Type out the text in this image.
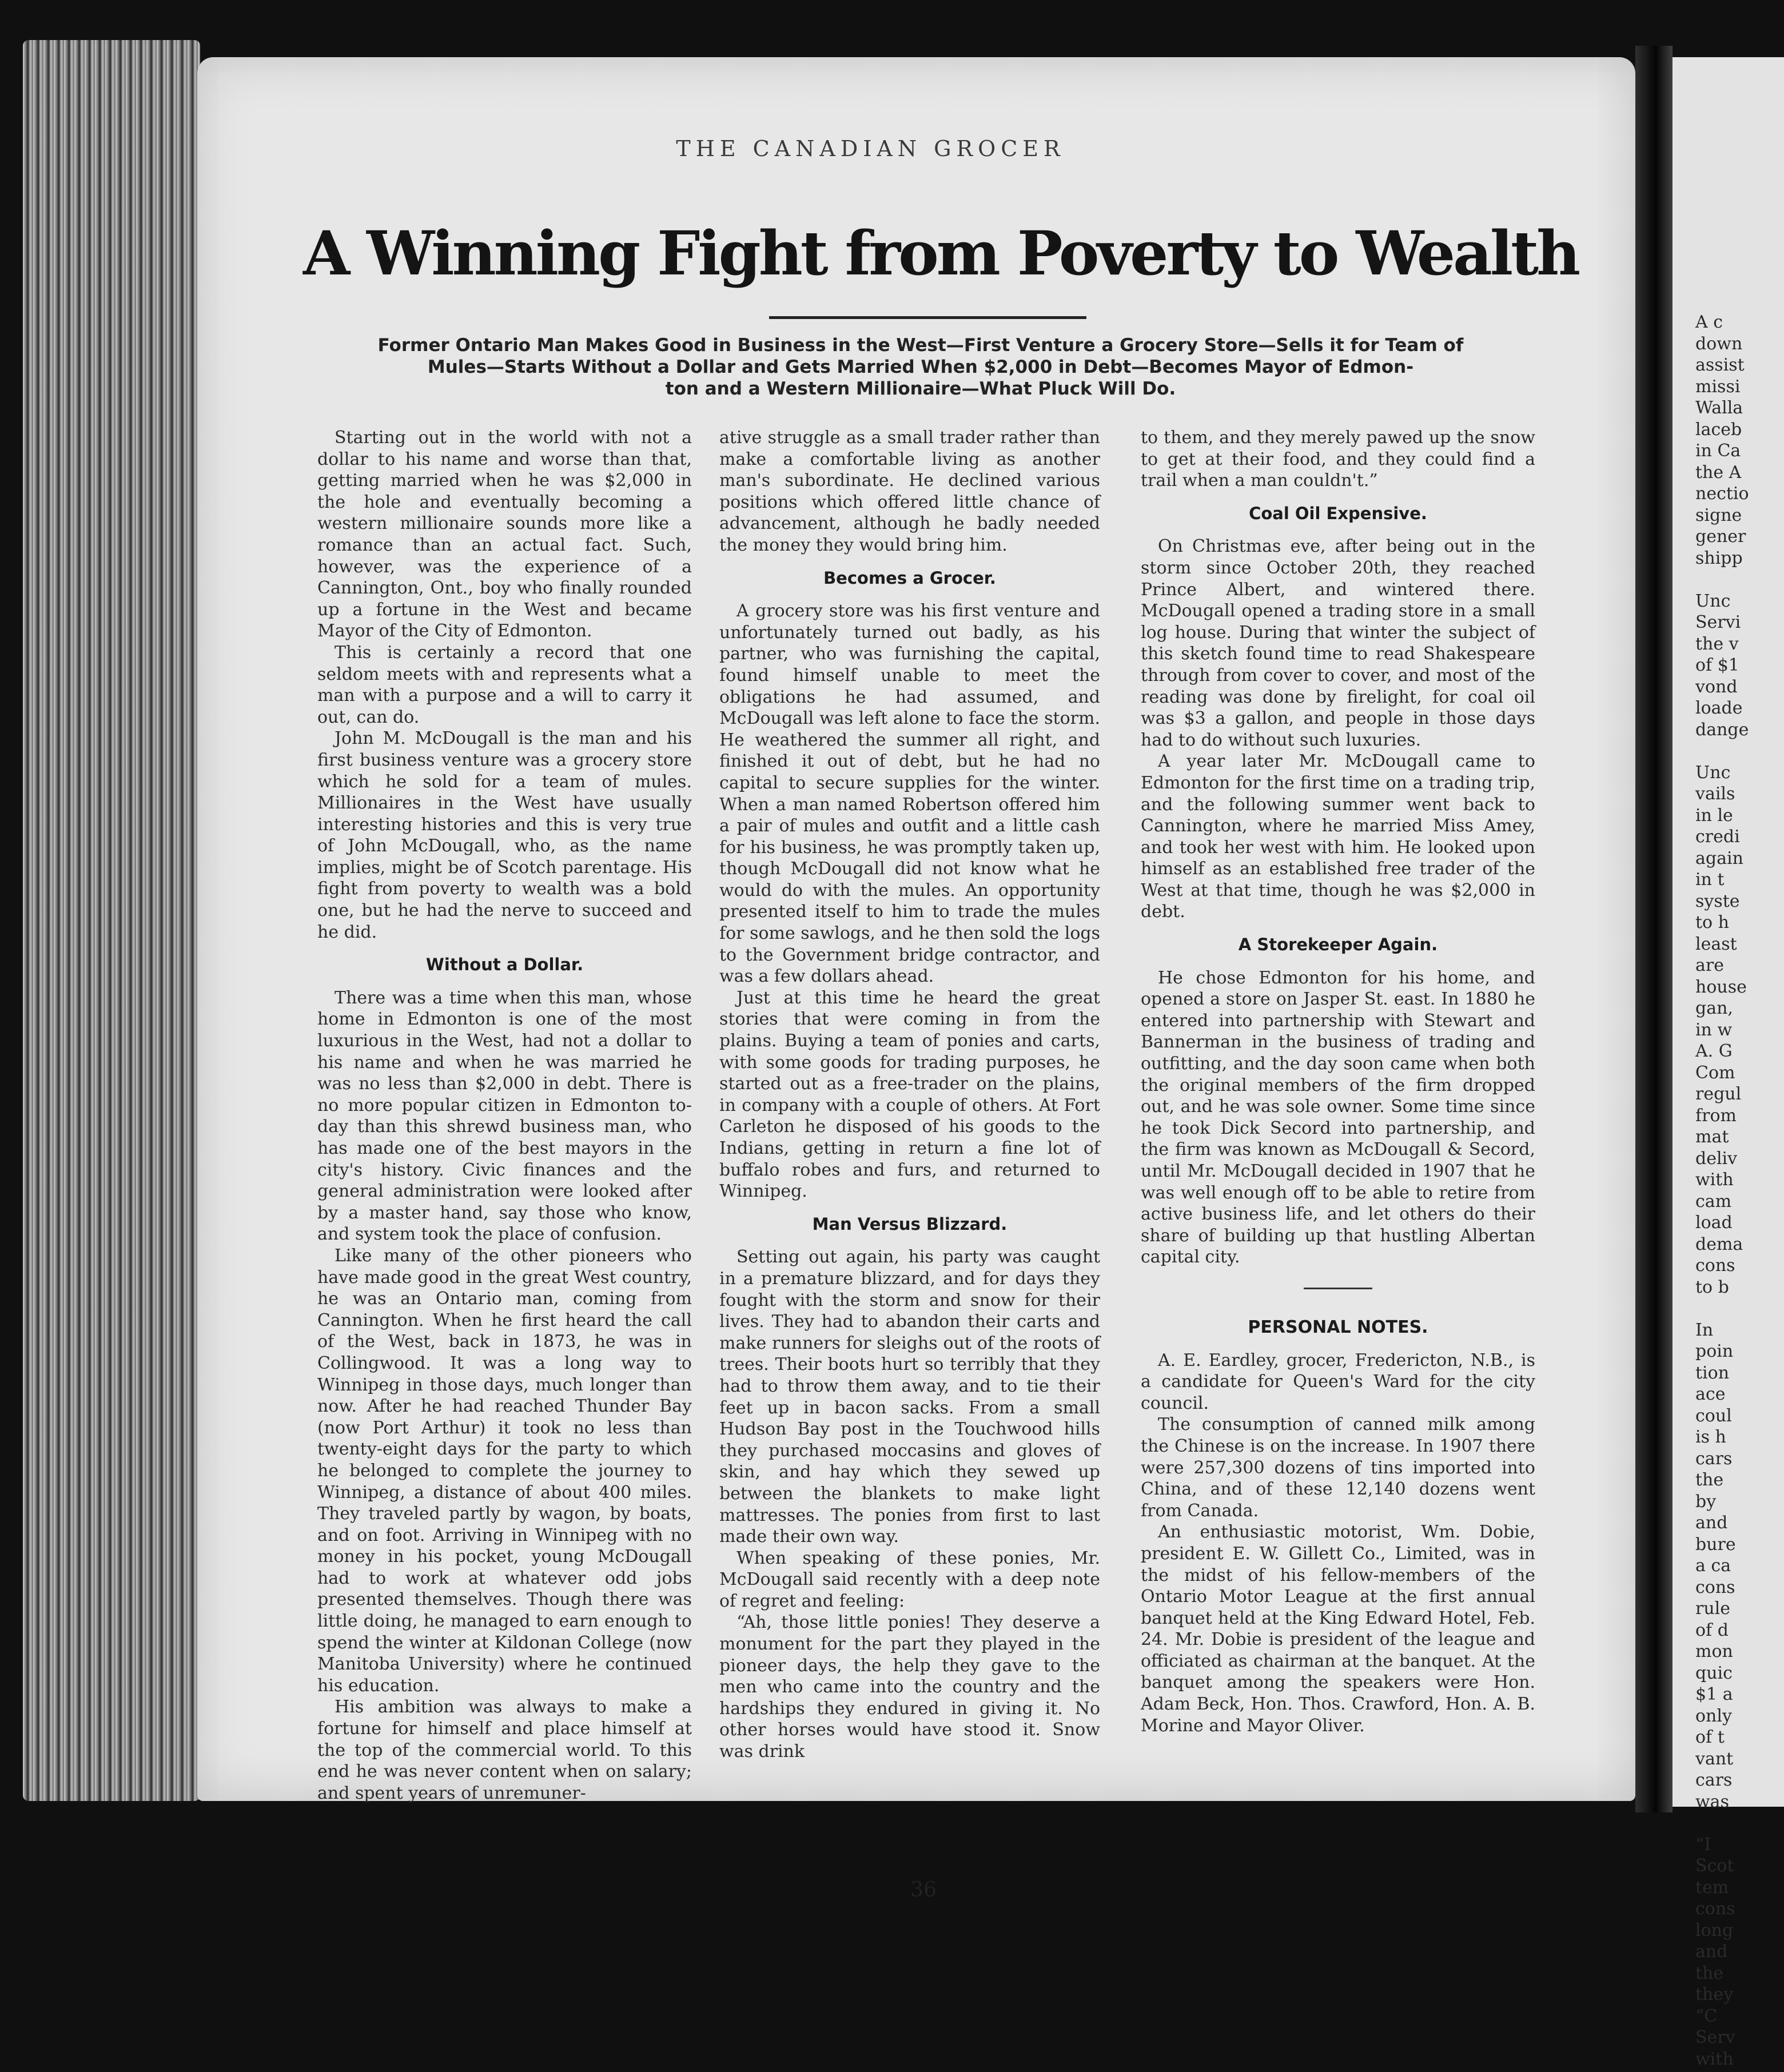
A c
down
assist
missi
Walla
laceb
in Ca
the A
nectio
signe
gener
shipp

Unc
Servi
the v
of $1
vond
loade
dange

Unc
vails
in le
credi
again
in t
syste
to h
least
are
house
gan,
in w
A. G
Com
regul
from
mat
deliv
with
cam
load
dema
cons
to b

In
poin
tion
ace
coul
is h
cars
the
by
and
bure
a ca
cons
rule
of d
mon
quic
$1 a
only
of t
vant
cars
was

“I
Scot
tem
cons
long
and
the
they
“C
Serv
with
THE CANADIAN GROCER
A Winning Fight from Poverty to Wealth

Former Ontario Man Makes Good in Business in the West—First Venture a Grocery Store—Sells it for Team of
Mules—Starts Without a Dollar and Gets Married When $2,000 in Debt—Becomes Mayor of Edmon-
ton and a Western Millionaire—What Pluck Will Do.

Starting out in the world with not a dollar to his name and worse than that, getting married when he was $2,000 in the hole and eventually becoming a western millionaire sounds more like a romance than an actual fact. Such, however, was the experience of a Cannington, Ont., boy who finally rounded up a fortune in the West and became Mayor of the City of Edmonton.

This is certainly a record that one seldom meets with and represents what a man with a purpose and a will to carry it out, can do.

John M. McDougall is the man and his first business venture was a grocery store which he sold for a team of mules. Millionaires in the West have usually interesting histories and this is very true of John McDougall, who, as the name implies, might be of Scotch parentage. His fight from poverty to wealth was a bold one, but he had the nerve to succeed and he did.

Without a Dollar.

There was a time when this man, whose home in Edmonton is one of the most luxurious in the West, had not a dollar to his name and when he was married he was no less than $2,000 in debt. There is no more popular citizen in Edmonton to-day than this shrewd business man, who has made one of the best mayors in the city's history. Civic finances and the general administration were looked after by a master hand, say those who know, and system took the place of confusion.

Like many of the other pioneers who have made good in the great West country, he was an Ontario man, coming from Cannington. When he first heard the call of the West, back in 1873, he was in Collingwood. It was a long way to Winnipeg in those days, much longer than now. After he had reached Thunder Bay (now Port Arthur) it took no less than twenty-eight days for the party to which he belonged to complete the journey to Winnipeg, a distance of about 400 miles. They traveled partly by wagon, by boats, and on foot. Arriving in Winnipeg with no money in his pocket, young McDougall had to work at whatever odd jobs presented themselves. Though there was little doing, he managed to earn enough to spend the winter at Kildonan College (now Manitoba University) where he continued his education.

His ambition was always to make a fortune for himself and place himself at the top of the commercial world. To this end he was never content when on salary; and spent years of unremuner-

ative struggle as a small trader rather than make a comfortable living as another man's subordinate. He declined various positions which offered little chance of advancement, although he badly needed the money they would bring him.

Becomes a Grocer.

A grocery store was his first venture and unfortunately turned out badly, as his partner, who was furnishing the capital, found himself unable to meet the obligations he had assumed, and McDougall was left alone to face the storm. He weathered the summer all right, and finished it out of debt, but he had no capital to secure supplies for the winter. When a man named Robertson offered him a pair of mules and outfit and a little cash for his business, he was promptly taken up, though McDougall did not know what he would do with the mules. An opportunity presented itself to him to trade the mules for some sawlogs, and he then sold the logs to the Government bridge contractor, and was a few dollars ahead.

Just at this time he heard the great stories that were coming in from the plains. Buying a team of ponies and carts, with some goods for trading purposes, he started out as a free-trader on the plains, in company with a couple of others. At Fort Carleton he disposed of his goods to the Indians, getting in return a fine lot of buffalo robes and furs, and returned to Winnipeg.

Man Versus Blizzard.

Setting out again, his party was caught in a premature blizzard, and for days they fought with the storm and snow for their lives. They had to abandon their carts and make runners for sleighs out of the roots of trees. Their boots hurt so terribly that they had to throw them away, and to tie their feet up in bacon sacks. From a small Hudson Bay post in the Touchwood hills they purchased moccasins and gloves of skin, and hay which they sewed up between the blankets to make light mattresses. The ponies from first to last made their own way.

When speaking of these ponies, Mr. McDougall said recently with a deep note of regret and feeling:

“Ah, those little ponies! They deserve a monument for the part they played in the pioneer days, the help they gave to the men who came into the country and the hardships they endured in giving it. No other horses would have stood it. Snow was drink

to them, and they merely pawed up the snow to get at their food, and they could find a trail when a man couldn't.”

Coal Oil Expensive.

On Christmas eve, after being out in the storm since October 20th, they reached Prince Albert, and wintered there. McDougall opened a trading store in a small log house. During that winter the subject of this sketch found time to read Shakespeare through from cover to cover, and most of the reading was done by firelight, for coal oil was $3 a gallon, and people in those days had to do without such luxuries.

A year later Mr. McDougall came to Edmonton for the first time on a trading trip, and the following summer went back to Cannington, where he married Miss Amey, and took her west with him. He looked upon himself as an established free trader of the West at that time, though he was $2,000 in debt.

A Storekeeper Again.

He chose Edmonton for his home, and opened a store on Jasper St. east. In 1880 he entered into partnership with Stewart and Bannerman in the business of trading and outfitting, and the day soon came when both the original members of the firm dropped out, and he was sole owner. Some time since he took Dick Secord into partnership, and the firm was known as McDougall & Secord, until Mr. McDougall decided in 1907 that he was well enough off to be able to retire from active business life, and let others do their share of building up that hustling Albertan capital city.

PERSONAL NOTES.

A. E. Eardley, grocer, Fredericton, N.B., is a candidate for Queen's Ward for the city council.

The consumption of canned milk among the Chinese is on the increase. In 1907 there were 257,300 dozens of tins imported into China, and of these 12,140 dozens went from Canada.

An enthusiastic motorist, Wm. Dobie, president E. W. Gillett Co., Limited, was in the midst of his fellow-members of the Ontario Motor League at the first annual banquet held at the King Edward Hotel, Feb. 24. Mr. Dobie is president of the league and officiated as chairman at the banquet. At the banquet among the speakers were Hon. Adam Beck, Hon. Thos. Crawford, Hon. A. B. Morine and Mayor Oliver.

36
